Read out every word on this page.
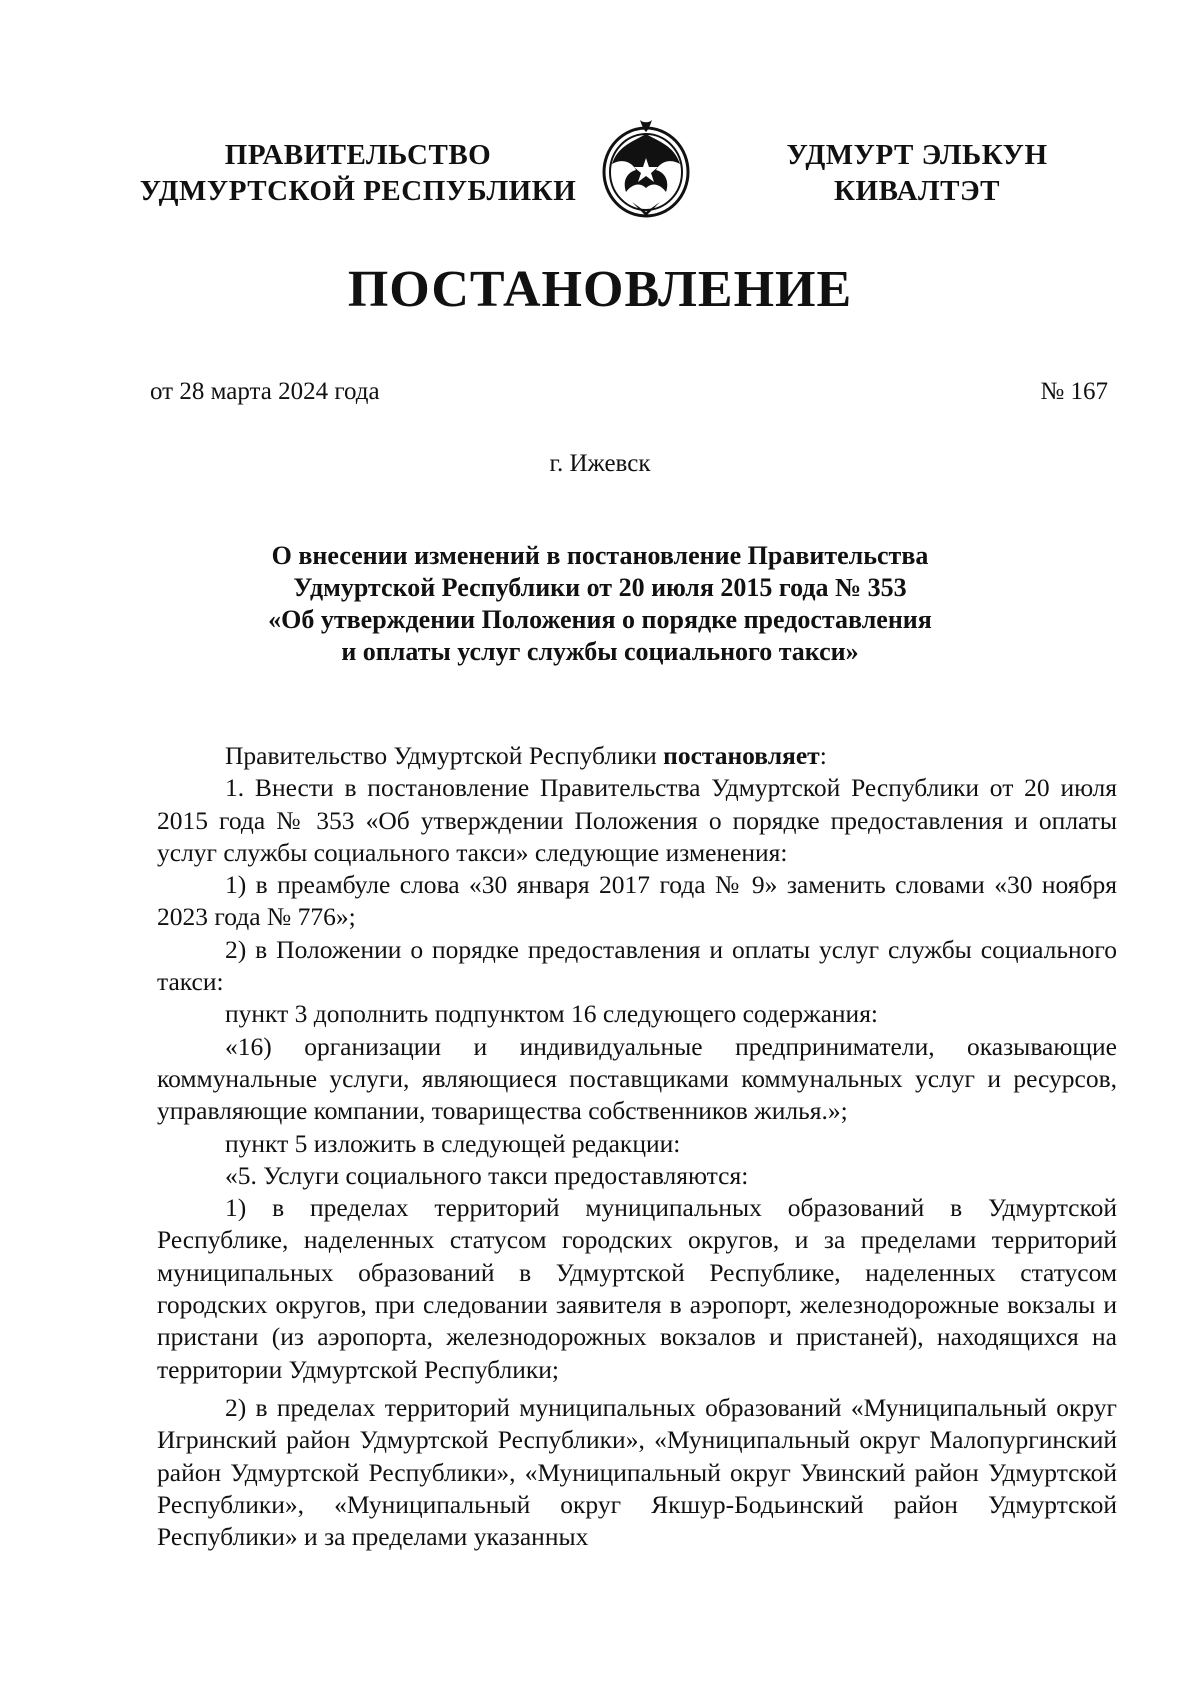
ПРАВИТЕЛЬСТВО
УДМУРТСКОЙ РЕСПУБЛИКИ
УДМУРТ ЭЛЬКУН
КИВАЛТЭТ
ПОСТАНОВЛЕНИЕ
от 28 марта 2024 года	№ 167
г. Ижевск
О внесении изменений в постановление Правительства
Удмуртской Республики от 20 июля 2015 года № 353
«Об утверждении Положения о порядке предоставления
и оплаты услуг службы социального такси»

Правительство Удмуртской Республики постановляет:

1. Внести в постановление Правительства Удмуртской Республики от 20 июля 2015 года № 353 «Об утверждении Положения о порядке предоставления и оплаты услуг службы социального такси» следующие изменения:

1) в преамбуле слова «30 января 2017 года № 9» заменить словами «30 ноября 2023 года № 776»;

2) в Положении о порядке предоставления и оплаты услуг службы социального такси:

пункт 3 дополнить подпунктом 16 следующего содержания:

«16) организации и индивидуальные предприниматели, оказывающие коммунальные услуги, являющиеся поставщиками коммунальных услуг и ресурсов, управляющие компании, товарищества собственников жилья.»;

пункт 5 изложить в следующей редакции:

«5. Услуги социального такси предоставляются:

1) в пределах территорий муниципальных образований в Удмуртской Республике, наделенных статусом городских округов, и за пределами территорий муниципальных образований в Удмуртской Республике, наделенных статусом городских округов, при следовании заявителя в аэропорт, железнодорожные вокзалы и пристани (из аэропорта, железнодорожных вокзалов и пристаней), находящихся на территории Удмуртской Республики;

2) в пределах территорий муниципальных образований «Муниципальный округ Игринский район Удмуртской Республики», «Муниципальный округ Малопургинский район Удмуртской Республики», «Муниципальный округ Увинский район Удмуртской Республики», «Муниципальный округ Якшур-Бодьинский район Удмуртской Республики» и за пределами указанных
